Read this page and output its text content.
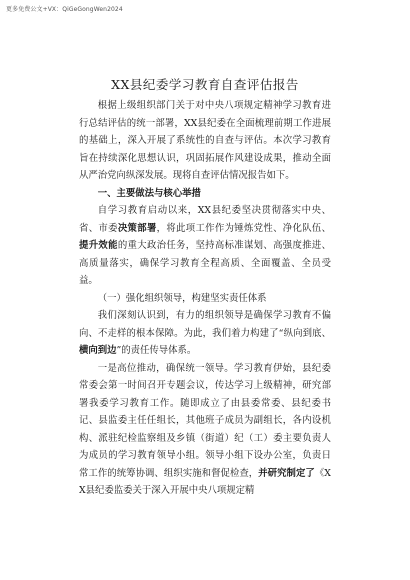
更多免费公文+VX：QiGeGongWen2024
XX县纪委学习教育自查评估报告

根据上级组织部门关于对中央八项规定精神学习教育进行总结评估的统一部署，XX县纪委在全面梳理前期工作进展的基础上，深入开展了系统性的自查与评估。本次学习教育旨在持续深化思想认识，巩固拓展作风建设成果，推动全面从严治党向纵深发展。现将自查评估情况报告如下。

一、主要做法与核心举措

自学习教育启动以来，XX县纪委坚决贯彻落实中央、省、市委决策部署，将此项工作作为锤炼党性、净化队伍、提升效能的重大政治任务，坚持高标准谋划、高强度推进、高质量落实，确保学习教育全程高质、全面覆盖、全员受益。

（一）强化组织领导，构建坚实责任体系

我们深刻认识到，有力的组织领导是确保学习教育不偏向、不走样的根本保障。为此，我们着力构建了“纵向到底、横向到边”的责任传导体系。

一是高位推动，确保统一领导。学习教育伊始，县纪委常委会第一时间召开专题会议，传达学习上级精神，研究部署我委学习教育工作。随即成立了由县委常委、县纪委书记、县监委主任任组长，其他班子成员为副组长，各内设机构、派驻纪检监察组及乡镇（街道）纪（工）委主要负责人为成员的学习教育领导小组。领导小组下设办公室，负责日常工作的统筹协调、组织实施和督促检查，并研究制定了《XX县纪委监委关于深入开展中央八项规定精
